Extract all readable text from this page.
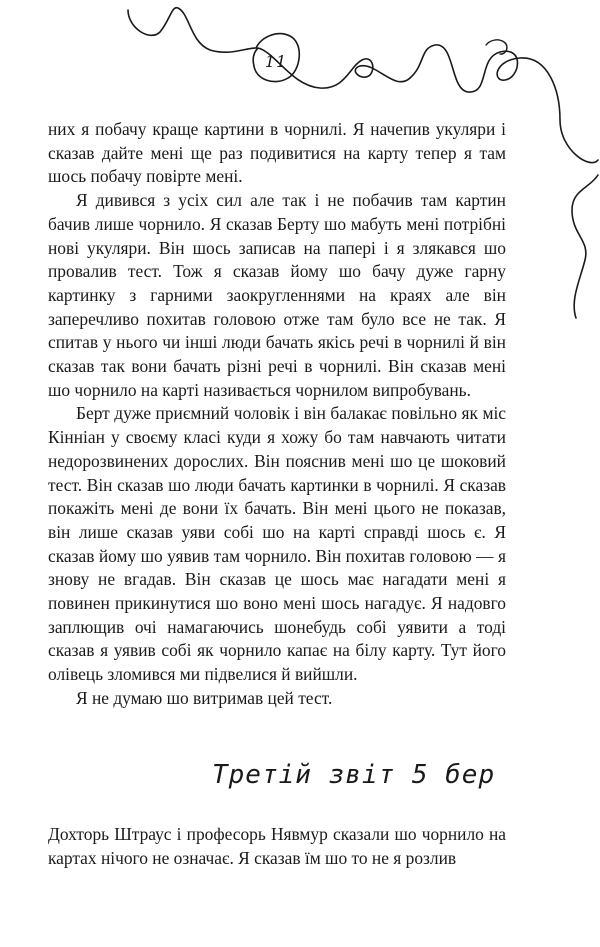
11

них я побачу краще картини в чорнилі. Я начепив укуляри і сказав дайте мені ще раз подивитися на карту тепер я там шось побачу повірте мені.

Я дивився з усіх сил але так і не побачив там картин бачив лише чорнило. Я сказав Берту шо мабуть мені потрібні нові укуляри. Він шось записав на папері і я злякався шо провалив тест. Тож я сказав йому шо бачу дуже гарну картинку з гарними заокругленнями на краях але він заперечливо похитав головою отже там було все не так. Я спитав у нього чи інші люди бачать якісь речі в чорнилі й він сказав так вони бачать різні речі в чорнилі. Він сказав мені шо чорнило на карті називається чорнилом випробувань.

Берт дуже приємний чоловік і він балакає повільно як міс Кінніан у своєму класі куди я хожу бо там навчають читати недорозвинених дорослих. Він пояснив мені шо це шоковий тест. Він сказав шо люди бачать картинки в чорнилі. Я сказав покажіть мені де вони їх бачать. Він мені цього не показав, він лише сказав уяви собі шо на карті справді шось є. Я сказав йому шо уявив там чорнило. Він похитав головою — я знову не вгадав. Він сказав це шось має нагадати мені я повинен прикинутися шо воно мені шось нагадує. Я надовго заплющив очі намагаючись шонебудь собі уявити а тоді сказав я уявив собі як чорнило капає на білу карту. Тут його олівець зломився ми підвелися й вийшли.

Я не думаю шо витримав цей тест.

Третій звіт 5 бер

Дохторь Штраус і професорь Нявмур сказали шо чорнило на картах нічого не означає. Я сказав їм шо то не я розлив
